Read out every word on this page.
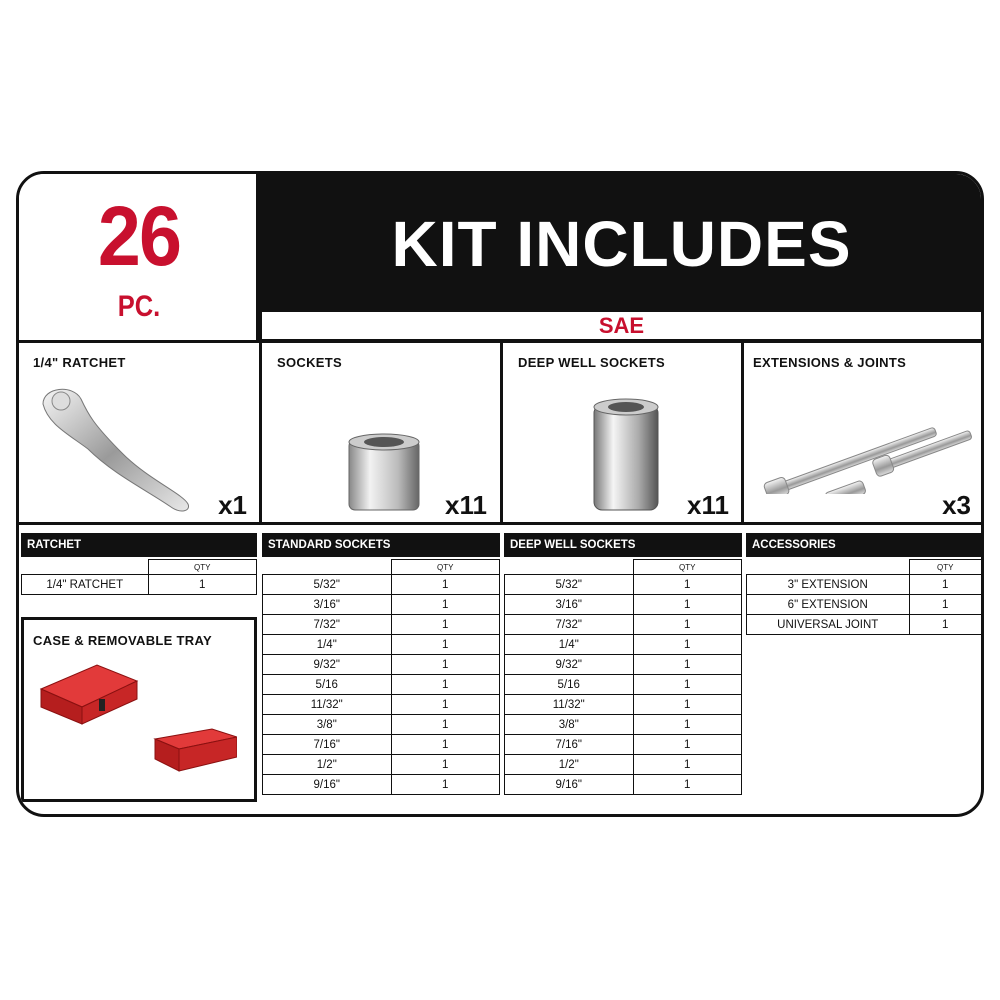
26
PC.
KIT INCLUDES
SAE
1/4" RATCHET
x1
SOCKETS
x11
DEEP WELL SOCKETS
x11
EXTENSIONS & JOINTS
x3
RATCHET
	QTY
1/4" RATCHET	1
CASE & REMOVABLE TRAY
STANDARD SOCKETS
	QTY
5/32"	1
3/16"	1
7/32"	1
1/4"	1
9/32"	1
5/16	1
11/32"	1
3/8"	1
7/16"	1
1/2"	1
9/16"	1
DEEP WELL SOCKETS
	QTY
5/32"	1
3/16"	1
7/32"	1
1/4"	1
9/32"	1
5/16	1
11/32"	1
3/8"	1
7/16"	1
1/2"	1
9/16"	1
ACCESSORIES
	QTY
3" EXTENSION	1
6" EXTENSION	1
UNIVERSAL JOINT	1
